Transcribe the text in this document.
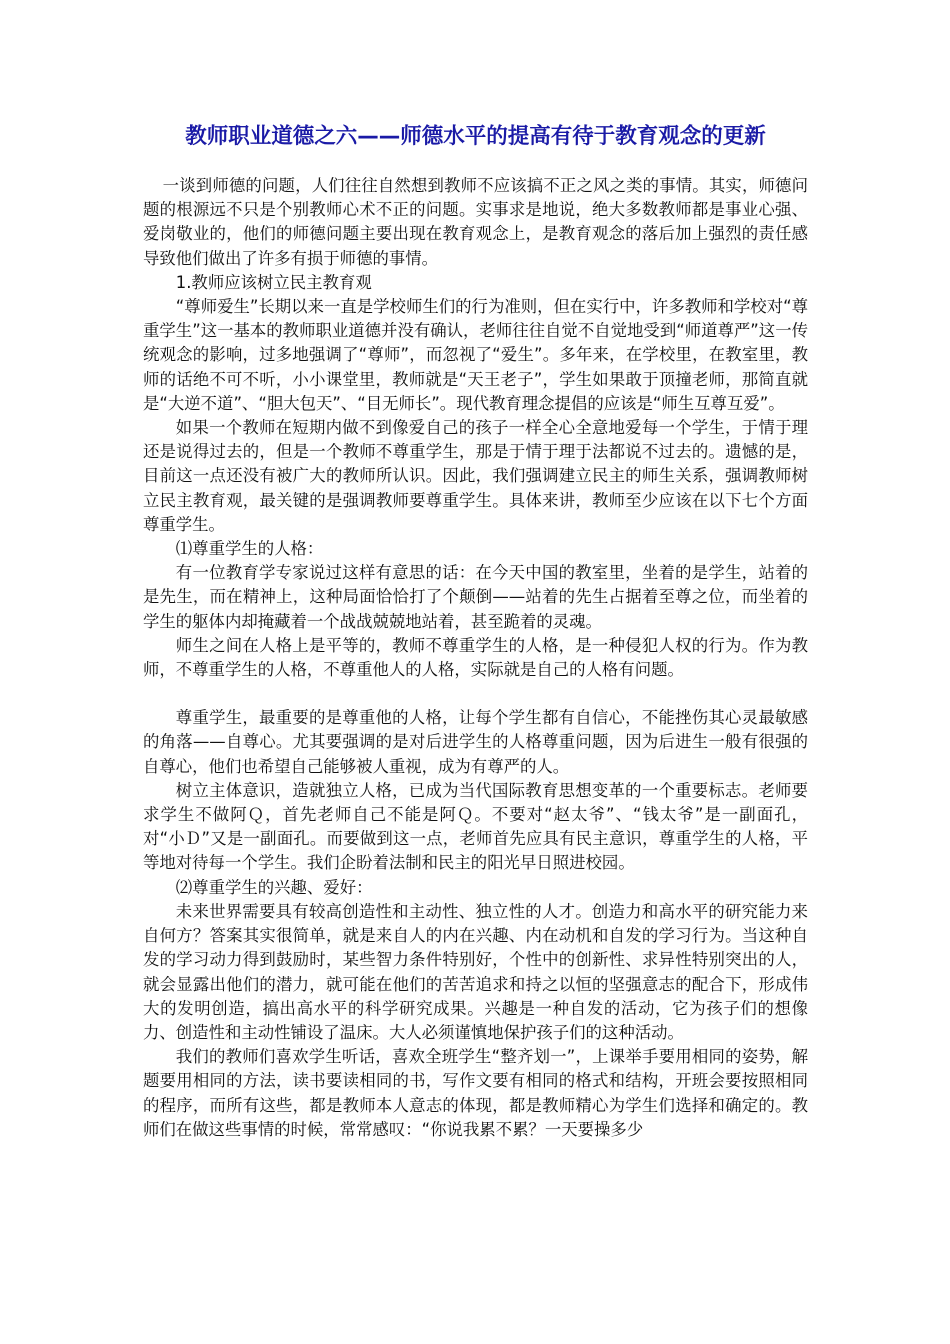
教师职业道德之六——师德水平的提高有待于教育观念的更新

一谈到师德的问题，人们往往自然想到教师不应该搞不正之风之类的事情。其实，师德问题的根源远不只是个别教师心术不正的问题。实事求是地说，绝大多数教师都是事业心强、爱岗敬业的，他们的师德问题主要出现在教育观念上，是教育观念的落后加上强烈的责任感导致他们做出了许多有损于师德的事情。

1.教师应该树立民主教育观

“尊师爱生”长期以来一直是学校师生们的行为准则，但在实行中，许多教师和学校对“尊重学生”这一基本的教师职业道德并没有确认，老师往往自觉不自觉地受到“师道尊严”这一传统观念的影响，过多地强调了“尊师”，而忽视了“爱生”。多年来，在学校里，在教室里，教师的话绝不可不听，小小课堂里，教师就是“天王老子”，学生如果敢于顶撞老师，那简直就是“大逆不道”、“胆大包天”、“目无师长”。现代教育理念提倡的应该是“师生互尊互爱”。

如果一个教师在短期内做不到像爱自己的孩子一样全心全意地爱每一个学生，于情于理还是说得过去的，但是一个教师不尊重学生，那是于情于理于法都说不过去的。遗憾的是，目前这一点还没有被广大的教师所认识。因此，我们强调建立民主的师生关系，强调教师树立民主教育观，最关键的是强调教师要尊重学生。具体来讲，教师至少应该在以下七个方面尊重学生。

⑴尊重学生的人格：

有一位教育学专家说过这样有意思的话：在今天中国的教室里，坐着的是学生，站着的是先生，而在精神上，这种局面恰恰打了个颠倒——站着的先生占据着至尊之位，而坐着的学生的躯体内却掩藏着一个战战兢兢地站着，甚至跪着的灵魂。

师生之间在人格上是平等的，教师不尊重学生的人格，是一种侵犯人权的行为。作为教师，不尊重学生的人格，不尊重他人的人格，实际就是自己的人格有问题。

尊重学生，最重要的是尊重他的人格，让每个学生都有自信心，不能挫伤其心灵最敏感的角落——自尊心。尤其要强调的是对后进学生的人格尊重问题，因为后进生一般有很强的自尊心，他们也希望自己能够被人重视，成为有尊严的人。

树立主体意识，造就独立人格，已成为当代国际教育思想变革的一个重要标志。老师要求学生不做阿Ｑ，首先老师自己不能是阿Ｑ。不要对“赵太爷”、“钱太爷”是一副面孔，对“小Ｄ”又是一副面孔。而要做到这一点，老师首先应具有民主意识，尊重学生的人格，平等地对待每一个学生。我们企盼着法制和民主的阳光早日照进校园。

⑵尊重学生的兴趣、爱好：

未来世界需要具有较高创造性和主动性、独立性的人才。创造力和高水平的研究能力来自何方？答案其实很简单，就是来自人的内在兴趣、内在动机和自发的学习行为。当这种自发的学习动力得到鼓励时，某些智力条件特别好，个性中的创新性、求异性特别突出的人，就会显露出他们的潜力，就可能在他们的苦苦追求和持之以恒的坚强意志的配合下，形成伟大的发明创造，搞出高水平的科学研究成果。兴趣是一种自发的活动，它为孩子们的想像力、创造性和主动性铺设了温床。大人必须谨慎地保护孩子们的这种活动。

我们的教师们喜欢学生听话，喜欢全班学生“整齐划一”，上课举手要用相同的姿势，解题要用相同的方法，读书要读相同的书，写作文要有相同的格式和结构，开班会要按照相同的程序，而所有这些，都是教师本人意志的体现，都是教师精心为学生们选择和确定的。教师们在做这些事情的时候，常常感叹：“你说我累不累？一天要操多少
